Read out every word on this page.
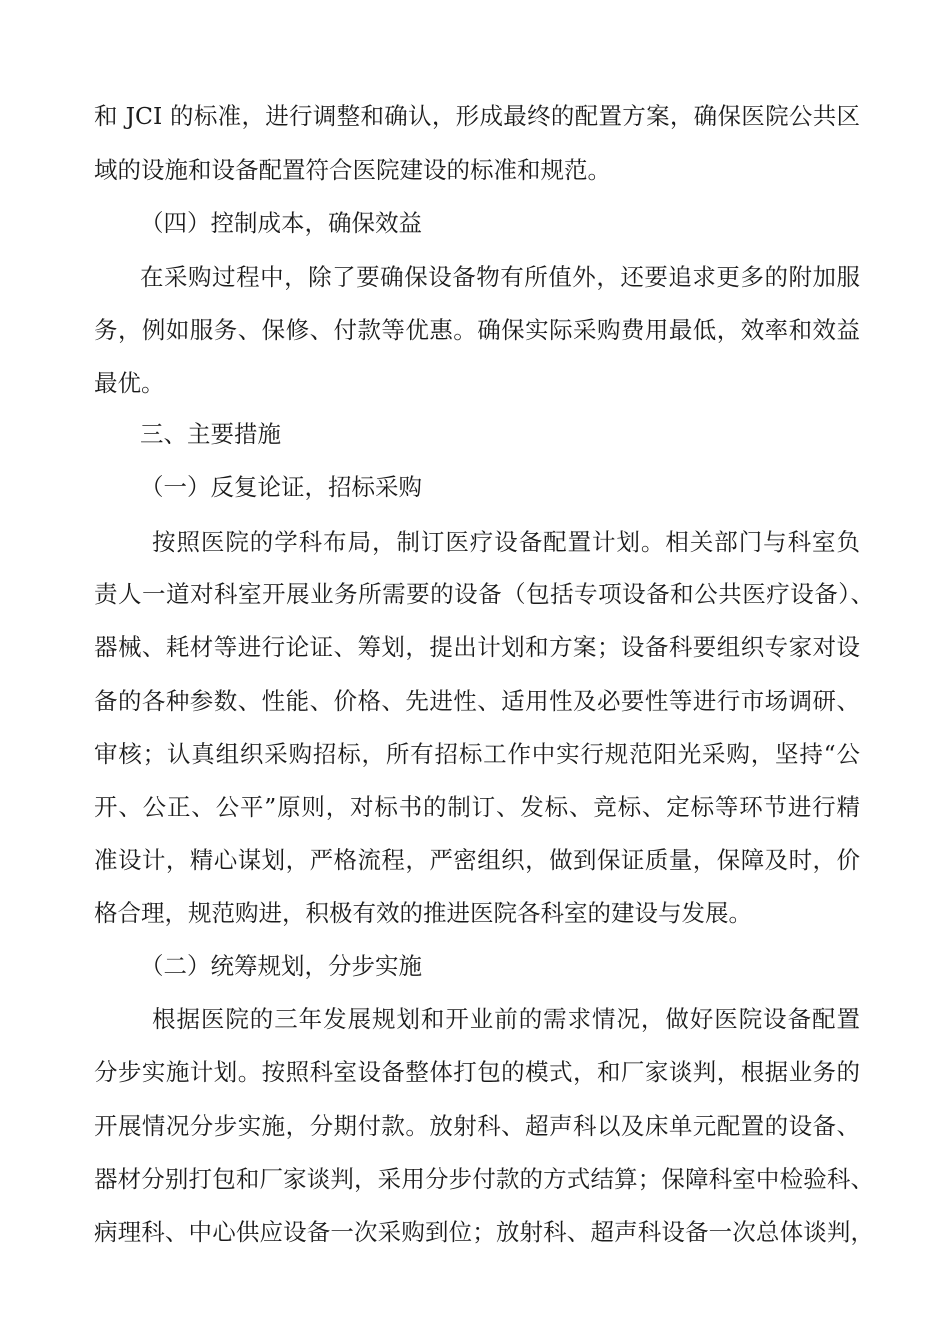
和 JCI 的标准，进行调整和确认，形成最终的配置方案，确保医院公共区
域的设施和设备配置符合医院建设的标准和规范。
（四）控制成本，确保效益
在采购过程中，除了要确保设备物有所值外，还要追求更多的附加服
务，例如服务、保修、付款等优惠。确保实际采购费用最低，效率和效益
最优。
三、主要措施
（一）反复论证，招标采购
按照医院的学科布局，制订医疗设备配置计划。相关部门与科室负
责人一道对科室开展业务所需要的设备（包括专项设备和公共医疗设备）、
器械、耗材等进行论证、筹划，提出计划和方案；设备科要组织专家对设
备的各种参数、性能、价格、先进性、适用性及必要性等进行市场调研、
审核；认真组织采购招标，所有招标工作中实行规范阳光采购，坚持“公
开、公正、公平”原则，对标书的制订、发标、竞标、定标等环节进行精
准设计，精心谋划，严格流程，严密组织，做到保证质量，保障及时，价
格合理，规范购进，积极有效的推进医院各科室的建设与发展。
（二）统筹规划，分步实施
根据医院的三年发展规划和开业前的需求情况，做好医院设备配置
分步实施计划。按照科室设备整体打包的模式，和厂家谈判，根据业务的
开展情况分步实施，分期付款。放射科、超声科以及床单元配置的设备、
器材分别打包和厂家谈判，采用分步付款的方式结算；保障科室中检验科、
病理科、中心供应设备一次采购到位；放射科、超声科设备一次总体谈判，
